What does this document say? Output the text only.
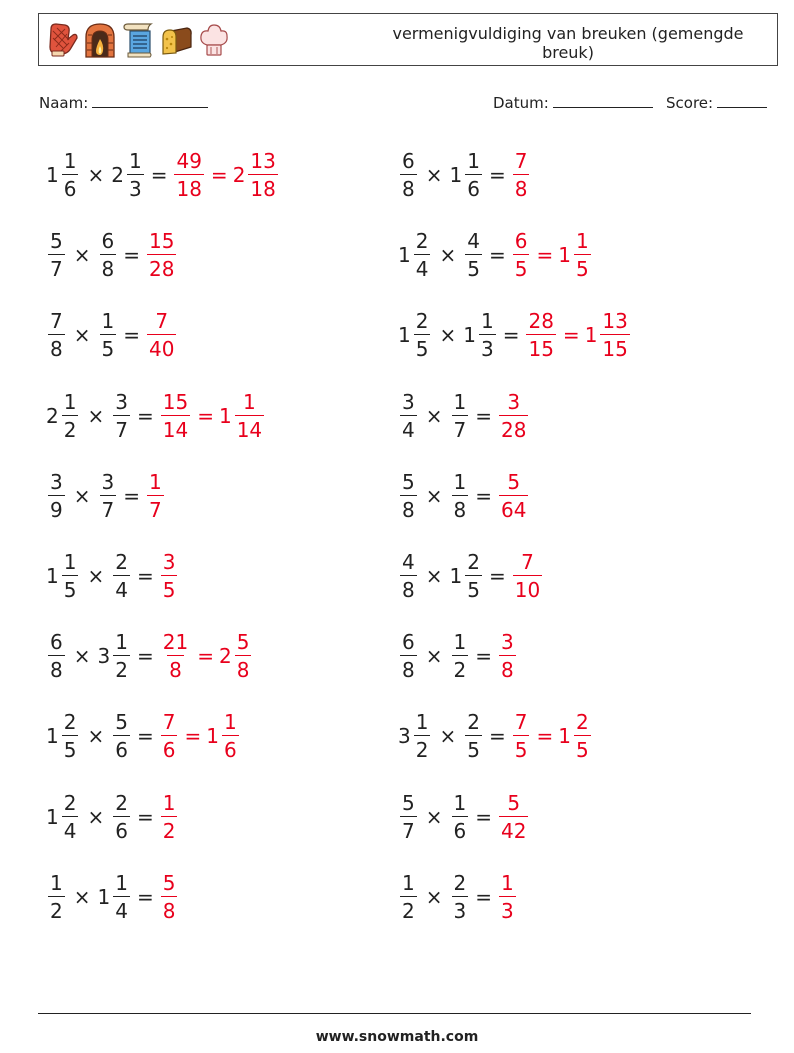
vermenigvuldiging van breuken (gemengde breuk)
Naam:	Datum:	Score:
$1 \frac{1}{6} \times 2 \frac{1}{3} = \frac{49}{18} = 2 \frac{13}{18}$	$\frac{6}{8} \times 1 \frac{1}{6} = \frac{7}{8}$
$\frac{5}{7} \times \frac{6}{8} = \frac{15}{28}$	$1 \frac{2}{4} \times \frac{4}{5} = \frac{6}{5} = 1 \frac{1}{5}$
$\frac{7}{8} \times \frac{1}{5} = \frac{7}{40}$	$1 \frac{2}{5} \times 1 \frac{1}{3} = \frac{28}{15} = 1 \frac{13}{15}$
$2 \frac{1}{2} \times \frac{3}{7} = \frac{15}{14} = 1 \frac{1}{14}$	$\frac{3}{4} \times \frac{1}{7} = \frac{3}{28}$
$\frac{3}{9} \times \frac{3}{7} = \frac{1}{7}$	$\frac{5}{8} \times \frac{1}{8} = \frac{5}{64}$
$1 \frac{1}{5} \times \frac{2}{4} = \frac{3}{5}$	$\frac{4}{8} \times 1 \frac{2}{5} = \frac{7}{10}$
$\frac{6}{8} \times 3 \frac{1}{2} = \frac{21}{8} = 2 \frac{5}{8}$	$\frac{6}{8} \times \frac{1}{2} = \frac{3}{8}$
$1 \frac{2}{5} \times \frac{5}{6} = \frac{7}{6} = 1 \frac{1}{6}$	$3 \frac{1}{2} \times \frac{2}{5} = \frac{7}{5} = 1 \frac{2}{5}$
$1 \frac{2}{4} \times \frac{2}{6} = \frac{1}{2}$	$\frac{5}{7} \times \frac{1}{6} = \frac{5}{42}$
$\frac{1}{2} \times 1 \frac{1}{4} = \frac{5}{8}$	$\frac{1}{2} \times \frac{2}{3} = \frac{1}{3}$
www.snowmath.com
